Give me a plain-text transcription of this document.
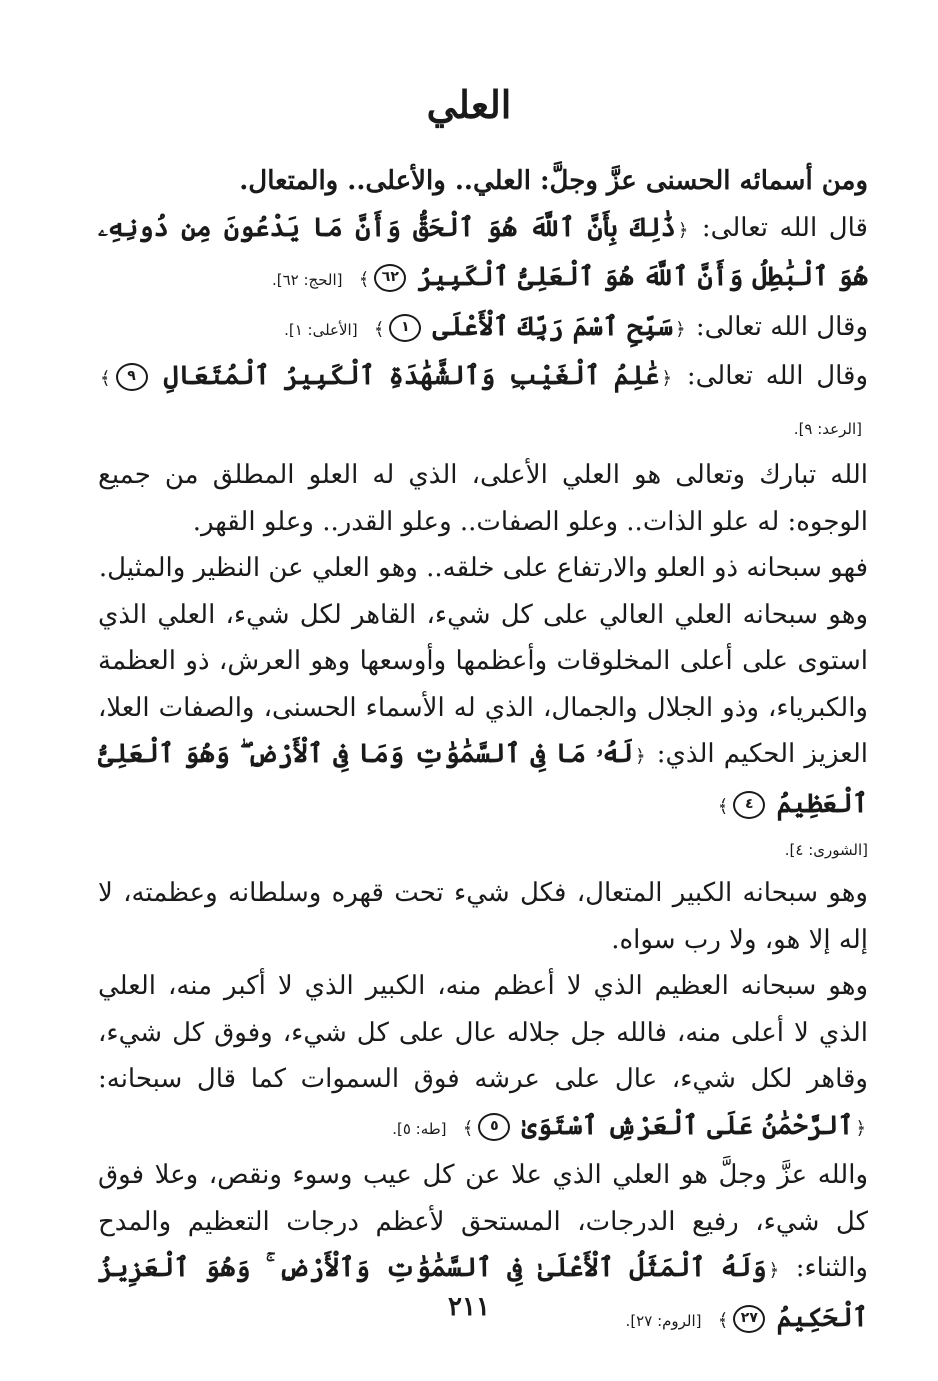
العلي

ومن أسمائه الحسنى عزَّ وجلَّ: العلي.. والأعلى.. والمتعال.

قال الله تعالى: ﴿ذَٰلِكَ بِأَنَّ ٱللَّهَ هُوَ ٱلْحَقُّ وَأَنَّ مَا يَدْعُونَ مِن دُونِهِۦ هُوَ ٱلْبَٰطِلُ وَأَنَّ ٱللَّهَ هُوَ ٱلْعَلِىُّ ٱلْكَبِيرُ ٦٢﴾ [الحج: ٦٢].

وقال الله تعالى: ﴿سَبِّحِ ٱسْمَ رَبِّكَ ٱلْأَعْلَى ١﴾ [الأعلى: ١].

وقال الله تعالى: ﴿عَٰلِمُ ٱلْغَيْبِ وَٱلشَّهَٰدَةِ ٱلْكَبِيرُ ٱلْمُتَعَالِ ٩﴾ [الرعد: ٩].

الله تبارك وتعالى هو العلي الأعلى، الذي له العلو المطلق من جميع الوجوه: له علو الذات.. وعلو الصفات.. وعلو القدر.. وعلو القهر.

فهو سبحانه ذو العلو والارتفاع على خلقه.. وهو العلي عن النظير والمثيل.

وهو سبحانه العلي العالي على كل شيء، القاهر لكل شيء، العلي الذي استوى على أعلى المخلوقات وأعظمها وأوسعها وهو العرش، ذو العظمة والكبرياء، وذو الجلال والجمال، الذي له الأسماء الحسنى، والصفات العلا، العزيز الحكيم الذي: ﴿لَهُۥ مَا فِى ٱلسَّمَٰوَٰتِ وَمَا فِى ٱلْأَرْضِ ۖ وَهُوَ ٱلْعَلِىُّ ٱلْعَظِيمُ ٤﴾
[الشورى: ٤].

وهو سبحانه الكبير المتعال، فكل شيء تحت قهره وسلطانه وعظمته، لا إله إلا هو، ولا رب سواه.

وهو سبحانه العظيم الذي لا أعظم منه، الكبير الذي لا أكبر منه، العلي الذي لا أعلى منه، فالله جل جلاله عال على كل شيء، وفوق كل شيء، وقاهر لكل شيء، عال على عرشه فوق السموات كما قال سبحانه: ﴿ٱلرَّحْمَٰنُ عَلَى ٱلْعَرْشِ ٱسْتَوَىٰ ٥﴾ [طه: ٥].

والله عزَّ وجلَّ هو العلي الذي علا عن كل عيب وسوء ونقص، وعلا فوق كل شيء، رفيع الدرجات، المستحق لأعظم درجات التعظيم والمدح والثناء: ﴿وَلَهُ ٱلْمَثَلُ ٱلْأَعْلَىٰ فِى ٱلسَّمَٰوَٰتِ وَٱلْأَرْضِ ۚ وَهُوَ ٱلْعَزِيزُ ٱلْحَكِيمُ ٢٧﴾ [الروم: ٢٧].

٢١١
